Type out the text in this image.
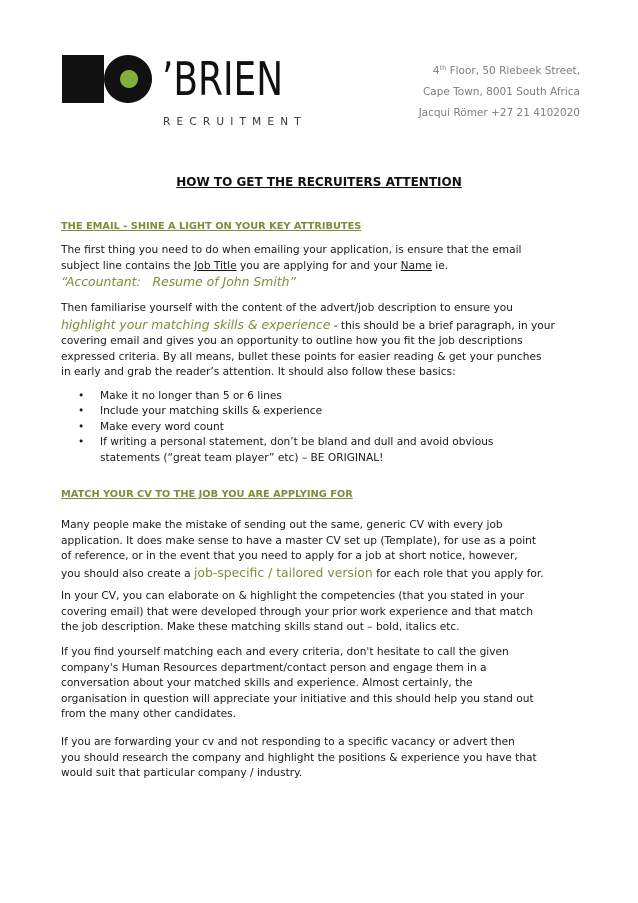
’BRIEN
RECRUITMENT
4th Floor, 50 Riebeek Street,
Cape Town, 8001 South Africa
Jacqui Römer +27 21 4102020
HOW TO GET THE RECRUITERS ATTENTION
THE EMAIL - SHINE A LIGHT ON YOUR KEY ATTRIBUTES
The first thing you need to do when emailing your application, is ensure that the email
subject line contains the Job Title you are applying for and your Name ie.
“Accountant:   Resume of John Smith”
Then familiarise yourself with the content of the advert/job description to ensure you
highlight your matching skills & experience - this should be a brief paragraph, in your
covering email and gives you an opportunity to outline how you fit the job descriptions
expressed criteria. By all means, bullet these points for easier reading & get your punches
in early and grab the reader’s attention. It should also follow these basics:
• Make it no longer than 5 or 6 lines
• Include your matching skills & experience
• Make every word count
• If writing a personal statement, don’t be bland and dull and avoid obvious
statements (“great team player” etc) – BE ORIGINAL!
MATCH YOUR CV TO THE JOB YOU ARE APPLYING FOR
Many people make the mistake of sending out the same, generic CV with every job
application. It does make sense to have a master CV set up (Template), for use as a point
of reference, or in the event that you need to apply for a job at short notice, however,
you should also create a job-specific / tailored version for each role that you apply for.
In your CV, you can elaborate on & highlight the competencies (that you stated in your
covering email) that were developed through your prior work experience and that match
the job description. Make these matching skills stand out – bold, italics etc.
If you find yourself matching each and every criteria, don't hesitate to call the given
company's Human Resources department/contact person and engage them in a
conversation about your matched skills and experience. Almost certainly, the
organisation in question will appreciate your initiative and this should help you stand out
from the many other candidates.
If you are forwarding your cv and not responding to a specific vacancy or advert then
you should research the company and highlight the positions & experience you have that
would suit that particular company / industry.
